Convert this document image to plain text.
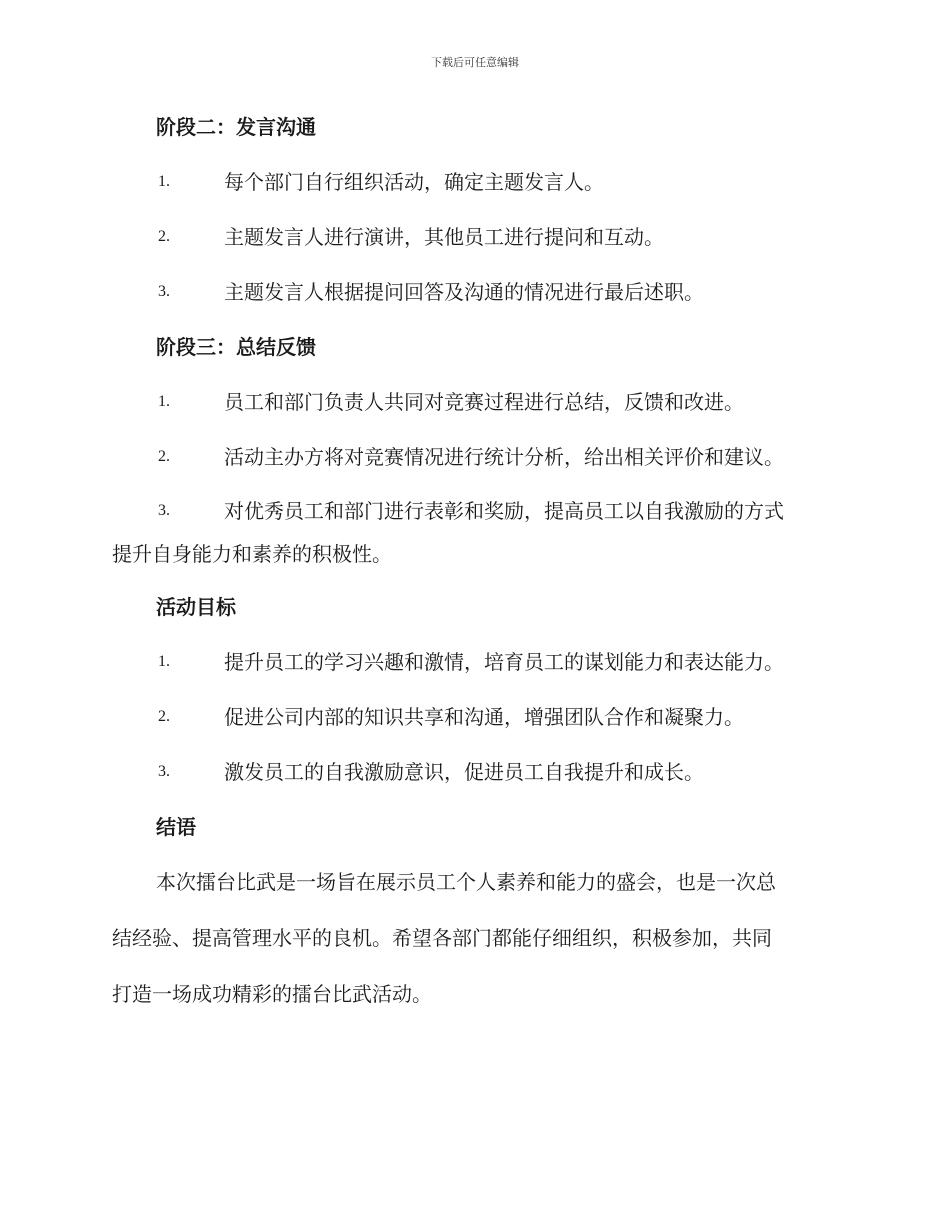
下载后可任意编辑
阶段二：发言沟通
1.	每个部门自行组织活动，确定主题发言人。
2.	主题发言人进行演讲，其他员工进行提问和互动。
3.	主题发言人根据提问回答及沟通的情况进行最后述职。
阶段三：总结反馈
1.	员工和部门负责人共同对竞赛过程进行总结，反馈和改进。
2.	活动主办方将对竞赛情况进行统计分析，给出相关评价和建议。
3.	对优秀员工和部门进行表彰和奖励，提高员工以自我激励的方式
提升自身能力和素养的积极性。
活动目标
1.	提升员工的学习兴趣和激情，培育员工的谋划能力和表达能力。
2.	促进公司内部的知识共享和沟通，增强团队合作和凝聚力。
3.	激发员工的自我激励意识，促进员工自我提升和成长。
结语
本次擂台比武是一场旨在展示员工个人素养和能力的盛会，也是一次总
结经验、提高管理水平的良机。希望各部门都能仔细组织，积极参加，共同
打造一场成功精彩的擂台比武活动。
